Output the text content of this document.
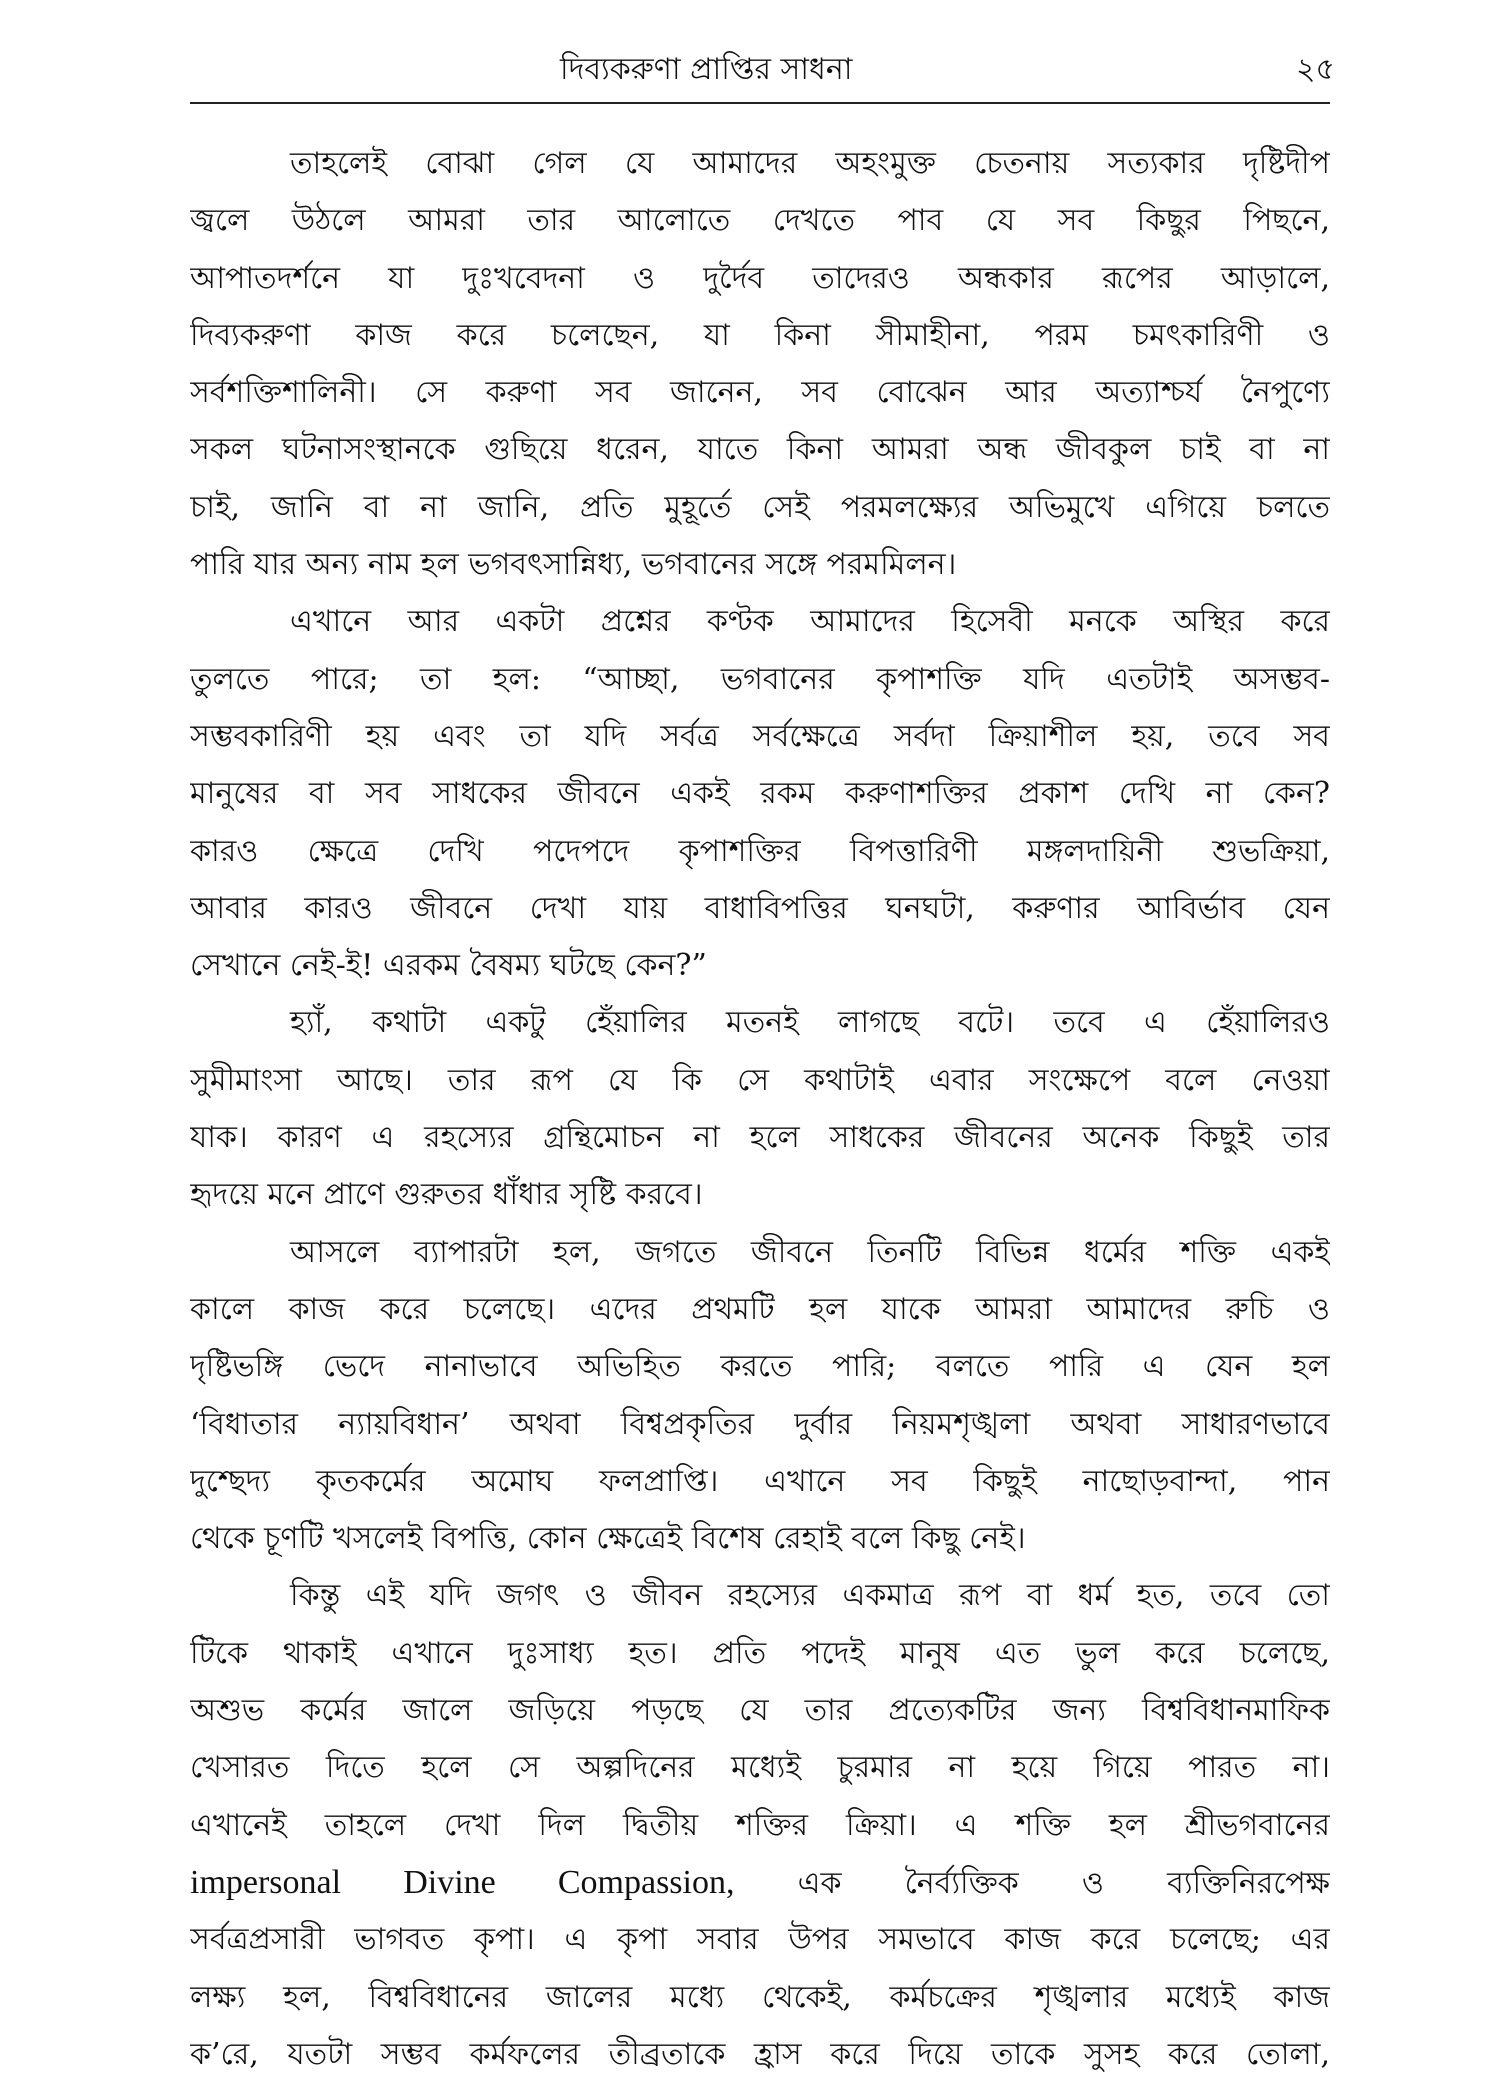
দিব্যকরুণা প্রাপ্তির সাধনা	২৫
তাহলেই বোঝা গেল যে আমাদের অহংমুক্ত চেতনায় সত্যকার দৃষ্টিদীপ
জ্বলে উঠলে আমরা তার আলোতে দেখতে পাব যে সব কিছুর পিছনে,
আপাতদর্শনে যা দুঃখবেদনা ও দুর্দৈব তাদেরও অন্ধকার রূপের আড়ালে,
দিব্যকরুণা কাজ করে চলেছেন, যা কিনা সীমাহীনা, পরম চমৎকারিণী ও
সর্বশক্তিশালিনী। সে করুণা সব জানেন, সব বোঝেন আর অত্যাশ্চর্য নৈপুণ্যে
সকল ঘটনাসংস্থানকে গুছিয়ে ধরেন, যাতে কিনা আমরা অন্ধ জীবকুল চাই বা না
চাই, জানি বা না জানি, প্রতি মুহূর্তে সেই পরমলক্ষ্যের অভিমুখে এগিয়ে চলতে
পারি যার অন্য নাম হল ভগবৎসান্নিধ্য, ভগবানের সঙ্গে পরমমিলন।
এখানে আর একটা প্রশ্নের কণ্টক আমাদের হিসেবী মনকে অস্থির করে
তুলতে পারে; তা হল: “আচ্ছা, ভগবানের কৃপাশক্তি যদি এতটাই অসম্ভব-
সম্ভবকারিণী হয় এবং তা যদি সর্বত্র সর্বক্ষেত্রে সর্বদা ক্রিয়াশীল হয়, তবে সব
মানুষের বা সব সাধকের জীবনে একই রকম করুণাশক্তির প্রকাশ দেখি না কেন?
কারও ক্ষেত্রে দেখি পদেপদে কৃপাশক্তির বিপত্তারিণী মঙ্গলদায়িনী শুভক্রিয়া,
আবার কারও জীবনে দেখা যায় বাধাবিপত্তির ঘনঘটা, করুণার আবির্ভাব যেন
সেখানে নেই-ই! এরকম বৈষম্য ঘটছে কেন?”
হ্যাঁ, কথাটা একটু হেঁয়ালির মতনই লাগছে বটে। তবে এ হেঁয়ালিরও
সুমীমাংসা আছে। তার রূপ যে কি সে কথাটাই এবার সংক্ষেপে বলে নেওয়া
যাক। কারণ এ রহস্যের গ্রন্থিমোচন না হলে সাধকের জীবনের অনেক কিছুই তার
হৃদয়ে মনে প্রাণে গুরুতর ধাঁধার সৃষ্টি করবে।
আসলে ব্যাপারটা হল, জগতে জীবনে তিনটি বিভিন্ন ধর্মের শক্তি একই
কালে কাজ করে চলেছে। এদের প্রথমটি হল যাকে আমরা আমাদের রুচি ও
দৃষ্টিভঙ্গি ভেদে নানাভাবে অভিহিত করতে পারি; বলতে পারি এ যেন হল
‘বিধাতার ন্যায়বিধান’ অথবা বিশ্বপ্রকৃতির দুর্বার নিয়মশৃঙ্খলা অথবা সাধারণভাবে
দুশ্ছেদ্য কৃতকর্মের অমোঘ ফলপ্রাপ্তি। এখানে সব কিছুই নাছোড়বান্দা, পান
থেকে চূণটি খসলেই বিপত্তি, কোন ক্ষেত্রেই বিশেষ রেহাই বলে কিছু নেই।
কিন্তু এই যদি জগৎ ও জীবন রহস্যের একমাত্র রূপ বা ধর্ম হত, তবে তো
টিকে থাকাই এখানে দুঃসাধ্য হত। প্রতি পদেই মানুষ এত ভুল করে চলেছে,
অশুভ কর্মের জালে জড়িয়ে পড়ছে যে তার প্রত্যেকটির জন্য বিশ্ববিধানমাফিক
খেসারত দিতে হলে সে অল্পদিনের মধ্যেই চুরমার না হয়ে গিয়ে পারত না।
এখানেই তাহলে দেখা দিল দ্বিতীয় শক্তির ক্রিয়া। এ শক্তি হল শ্রীভগবানের
impersonal Divine Compassion, এক নৈর্ব্যক্তিক ও ব্যক্তিনিরপেক্ষ
সর্বত্রপ্রসারী ভাগবত কৃপা। এ কৃপা সবার উপর সমভাবে কাজ করে চলেছে; এর
লক্ষ্য হল, বিশ্ববিধানের জালের মধ্যে থেকেই, কর্মচক্রের শৃঙ্খলার মধ্যেই কাজ
ক’রে, যতটা সম্ভব কর্মফলের তীব্রতাকে হ্রাস করে দিয়ে তাকে সুসহ করে তোলা,
